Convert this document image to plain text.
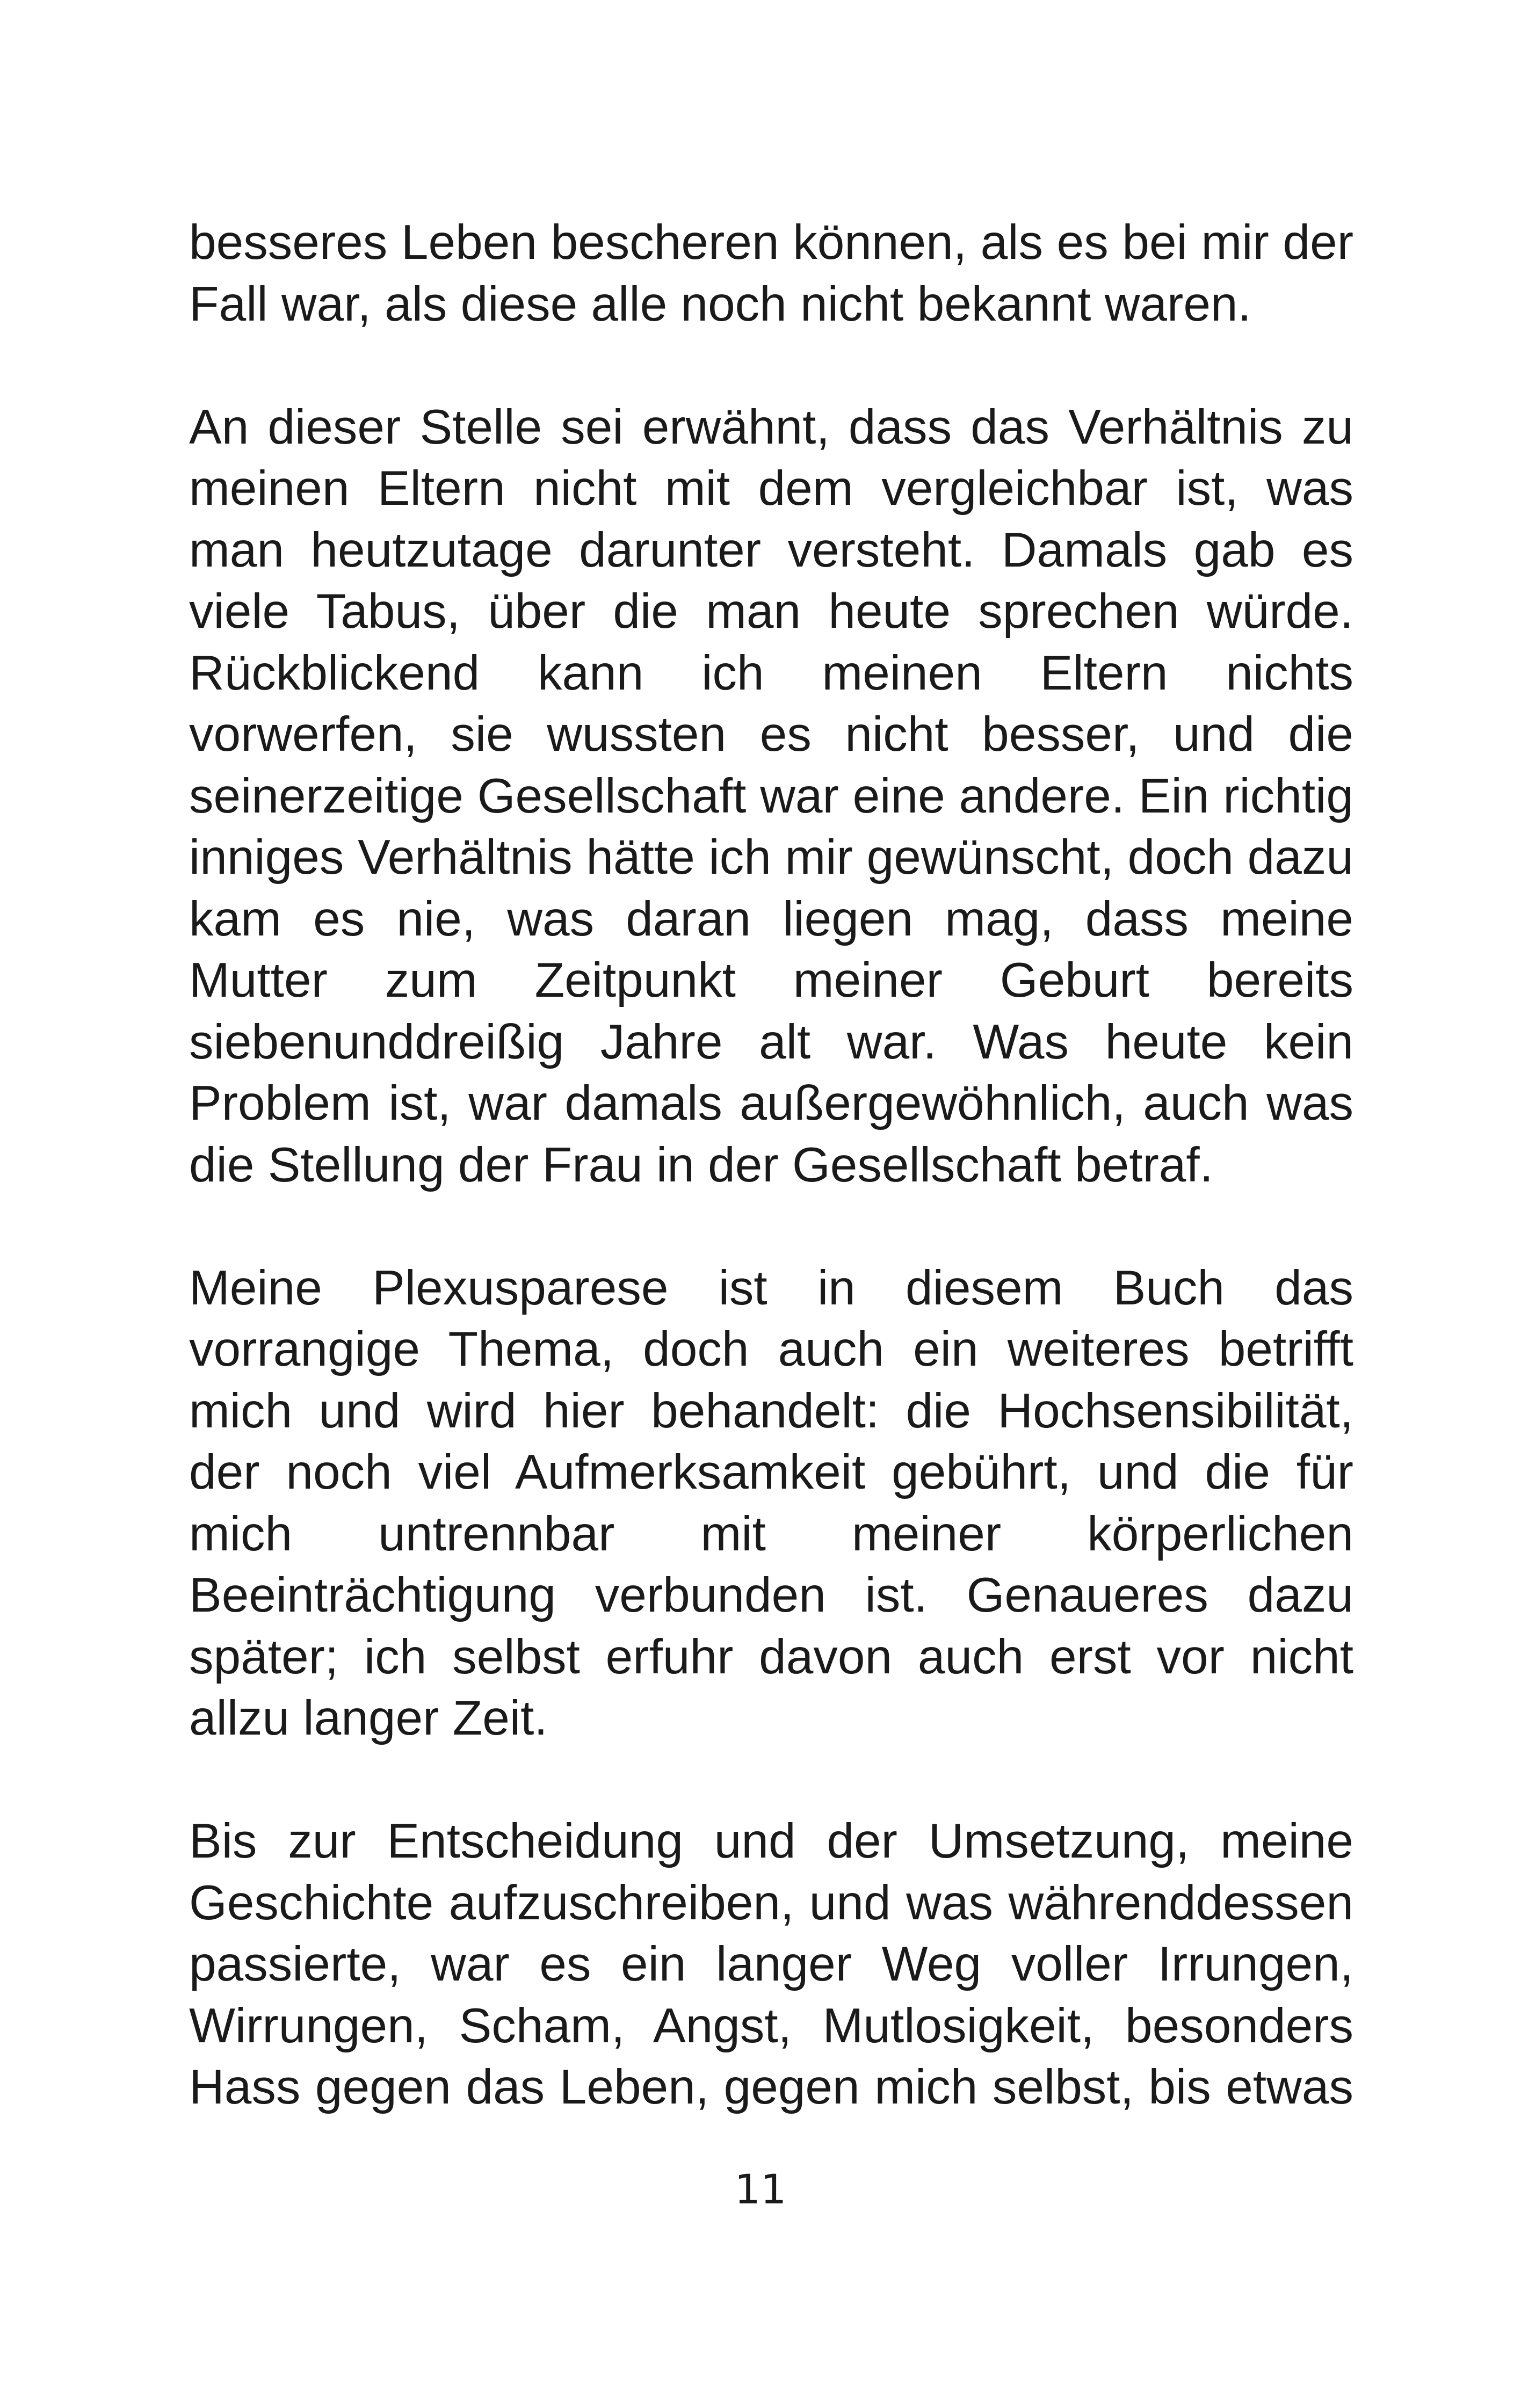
besseres Leben bescheren können, als es bei mir der Fall war, als diese alle noch nicht bekannt waren.

An dieser Stelle sei erwähnt, dass das Verhältnis zu meinen Eltern nicht mit dem vergleichbar ist, was man heutzutage darunter versteht. Damals gab es viele Tabus, über die man heute sprechen würde. Rückblickend kann ich meinen Eltern nichts vorwerfen, sie wussten es nicht besser, und die seinerzeitige Gesellschaft war eine andere. Ein richtig inniges Verhältnis hätte ich mir gewünscht, doch dazu kam es nie, was daran liegen mag, dass meine Mutter zum Zeitpunkt meiner Geburt bereits siebenunddreißig Jahre alt war. Was heute kein Problem ist, war damals außergewöhnlich, auch was die Stellung der Frau in der Gesellschaft betraf.

Meine Plexusparese ist in diesem Buch das vorrangige Thema, doch auch ein weiteres betrifft mich und wird hier behandelt: die Hochsensibilität, der noch viel Aufmerksamkeit gebührt, und die für mich untrennbar mit meiner körperlichen Beeinträchtigung verbunden ist. Genaueres dazu später; ich selbst erfuhr davon auch erst vor nicht allzu langer Zeit.

Bis zur Entscheidung und der Umsetzung, meine Geschichte aufzuschreiben, und was währenddessen passierte, war es ein langer Weg voller Irrungen, Wirrungen, Scham, Angst, Mutlosigkeit, besonders Hass gegen das Leben, gegen mich selbst, bis etwas

11
